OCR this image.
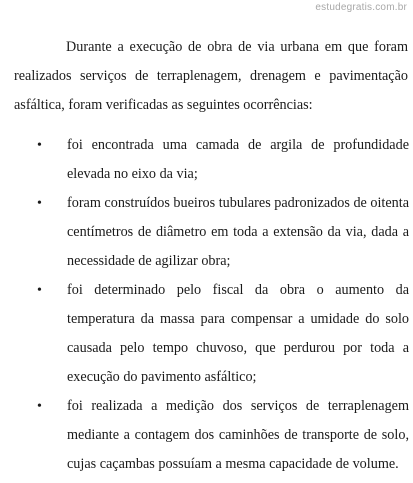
estudegratis.com.br

Durante a execução de obra de via urbana em que foram realizados serviços de terraplenagem, drenagem e pavimentação asfáltica, foram verificadas as seguintes ocorrências:

• foi encontrada uma camada de argila de profundidade elevada no eixo da via;
• foram construídos bueiros tubulares padronizados de oitenta centímetros de diâmetro em toda a extensão da via, dada a necessidade de agilizar obra;
• foi determinado pelo fiscal da obra o aumento da temperatura da massa para compensar a umidade do solo causada pelo tempo chuvoso, que perdurou por toda a execução do pavimento asfáltico;
• foi realizada a medição dos serviços de terraplenagem mediante a contagem dos caminhões de transporte de solo, cujas caçambas possuíam a mesma capacidade de volume.
